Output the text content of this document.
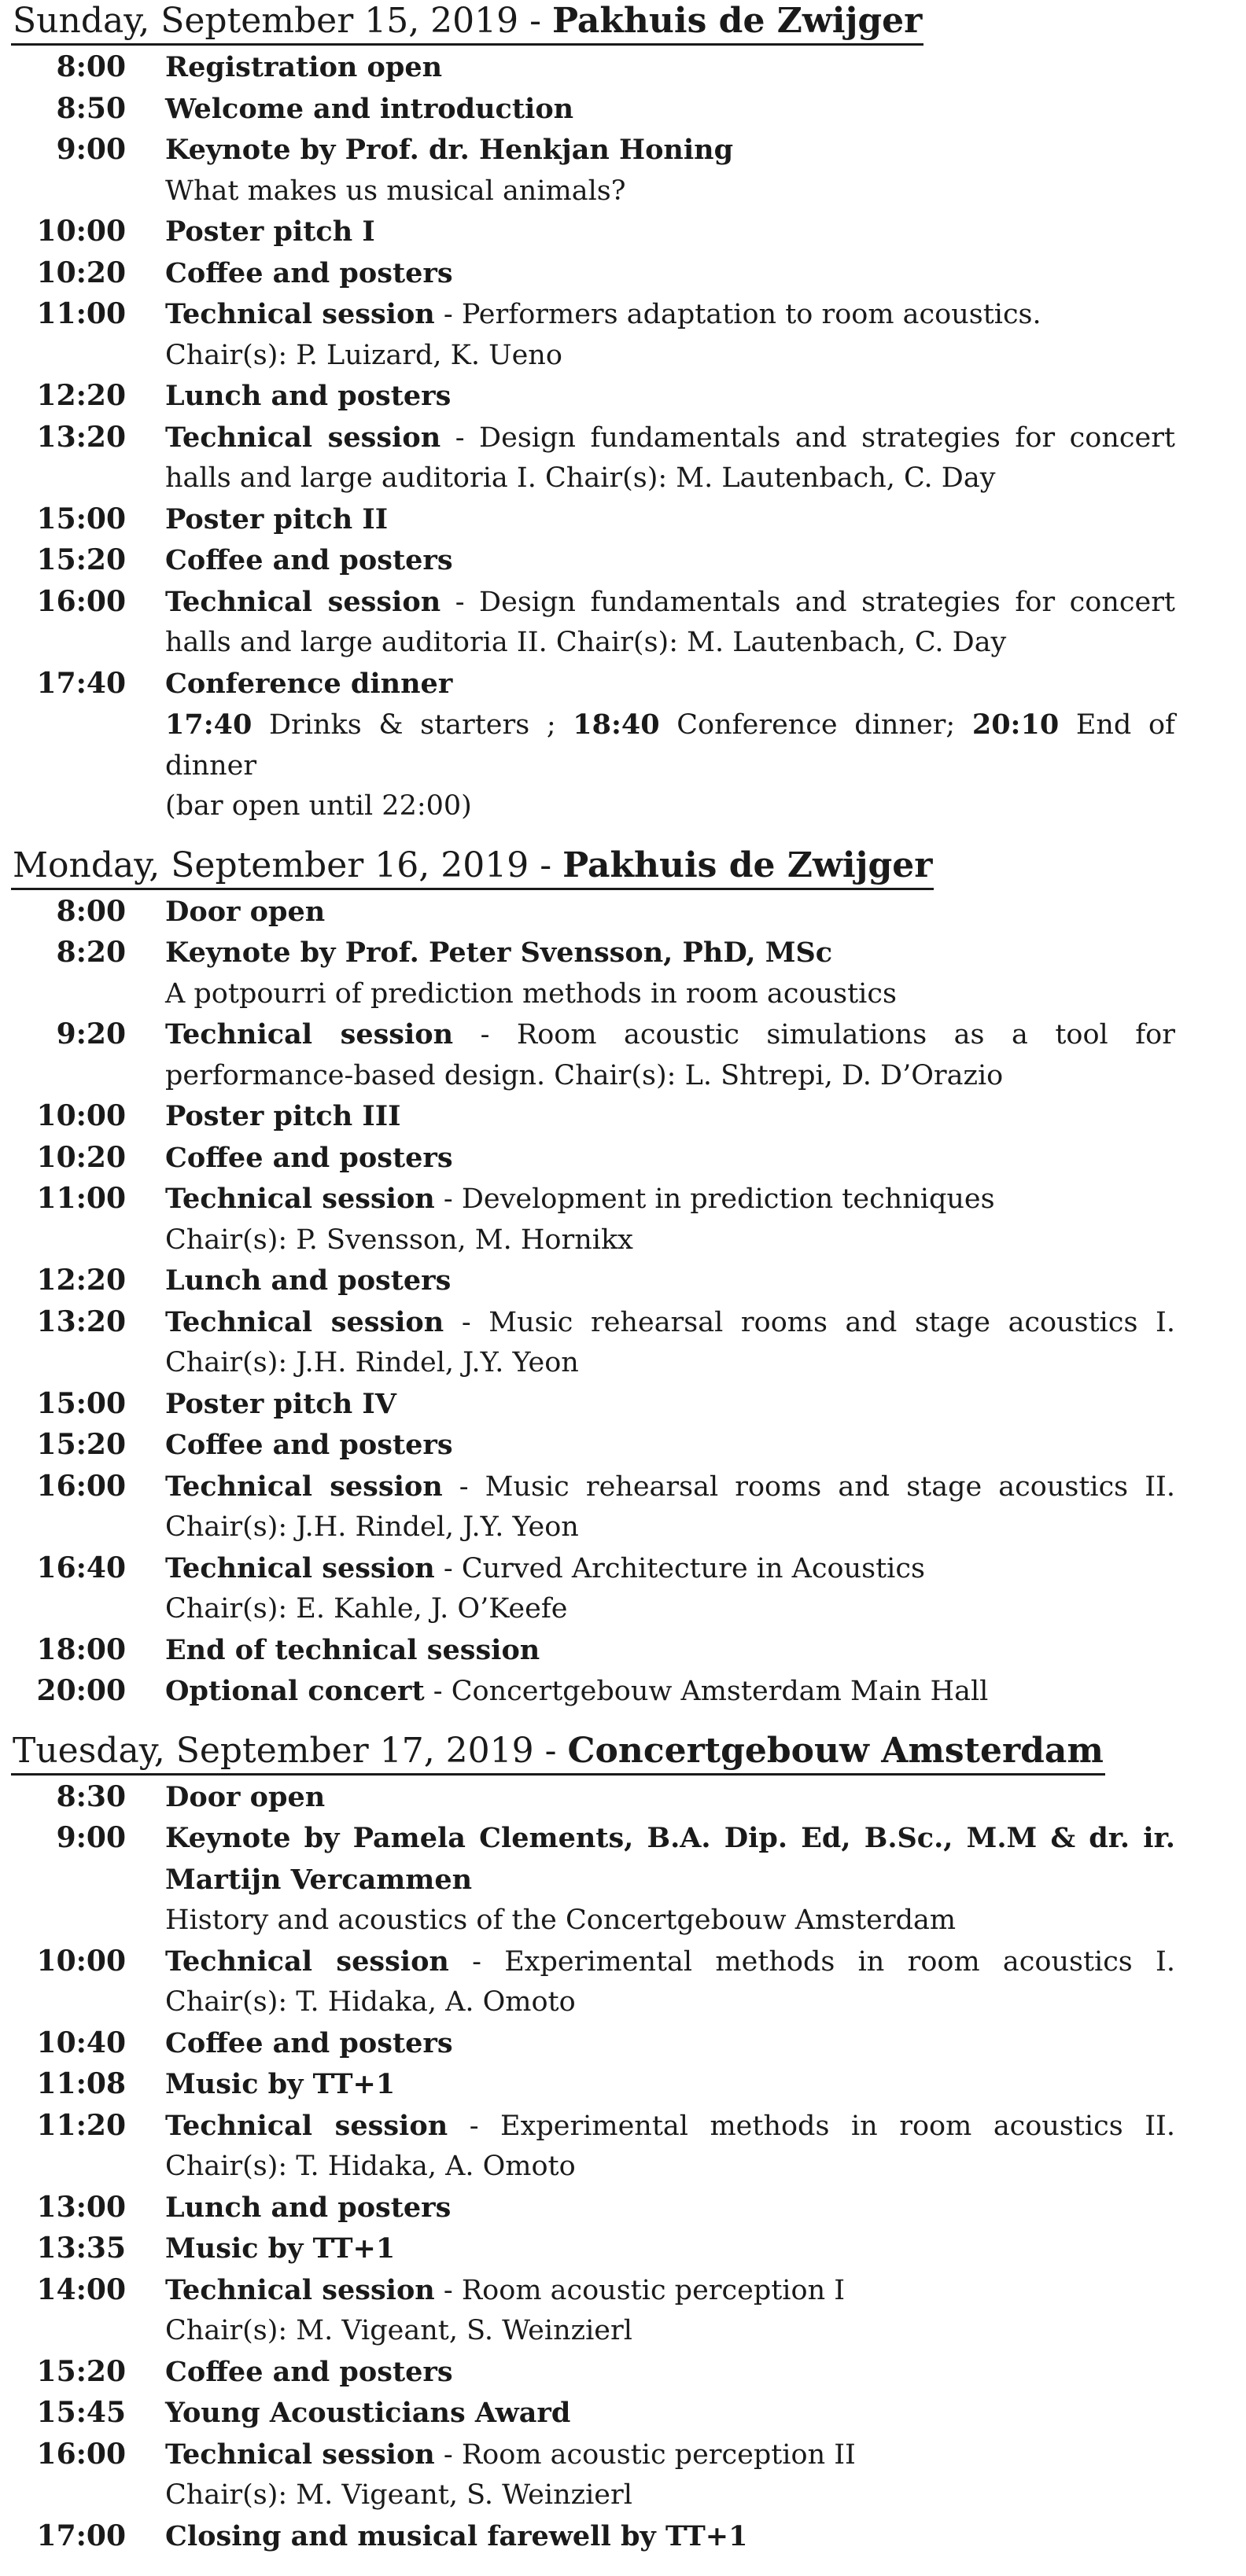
Sunday, September 15, 2019 - Pakhuis de Zwijger
8:00	Registration open
8:50	Welcome and introduction
9:00	Keynote by Prof. dr. Henkjan Honing
What makes us musical animals?
10:00	Poster pitch I
10:20	Coffee and posters
11:00	Technical session - Performers adaptation to room acoustics.
Chair(s): P. Luizard, K. Ueno
12:20	Lunch and posters
13:20	Technical session - Design fundamentals and strategies for concert halls and large auditoria I. Chair(s): M. Lautenbach, C. Day
15:00	Poster pitch II
15:20	Coffee and posters
16:00	Technical session - Design fundamentals and strategies for concert halls and large auditoria II. Chair(s): M. Lautenbach, C. Day
17:40	Conference dinner
17:40 Drinks & starters ; 18:40 Conference dinner; 20:10 End of dinner
(bar open until 22:00)
Monday, September 16, 2019 - Pakhuis de Zwijger
8:00	Door open
8:20	Keynote by Prof. Peter Svensson, PhD, MSc
A potpourri of prediction methods in room acoustics
9:20	Technical session - Room acoustic simulations as a tool for performance-based design. Chair(s): L. Shtrepi, D. D’Orazio
10:00	Poster pitch III
10:20	Coffee and posters
11:00	Technical session - Development in prediction techniques
Chair(s): P. Svensson, M. Hornikx
12:20	Lunch and posters
13:20	Technical session - Music rehearsal rooms and stage acoustics I. Chair(s): J.H. Rindel, J.Y. Yeon
15:00	Poster pitch IV
15:20	Coffee and posters
16:00	Technical session - Music rehearsal rooms and stage acoustics II. Chair(s): J.H. Rindel, J.Y. Yeon
16:40	Technical session - Curved Architecture in Acoustics
Chair(s): E. Kahle, J. O’Keefe
18:00	End of technical session
20:00	Optional concert - Concertgebouw Amsterdam Main Hall
Tuesday, September 17, 2019 - Concertgebouw Amsterdam
8:30	Door open
9:00	Keynote by Pamela Clements, B.A. Dip. Ed, B.Sc., M.M & dr. ir. Martijn Vercammen
History and acoustics of the Concertgebouw Amsterdam
10:00	Technical session - Experimental methods in room acoustics I. Chair(s): T. Hidaka, A. Omoto
10:40	Coffee and posters
11:08	Music by TT+1
11:20	Technical session - Experimental methods in room acoustics II. Chair(s): T. Hidaka, A. Omoto
13:00	Lunch and posters
13:35	Music by TT+1
14:00	Technical session - Room acoustic perception I
Chair(s): M. Vigeant, S. Weinzierl
15:20	Coffee and posters
15:45	Young Acousticians Award
16:00	Technical session - Room acoustic perception II
Chair(s): M. Vigeant, S. Weinzierl
17:00	Closing and musical farewell by TT+1
